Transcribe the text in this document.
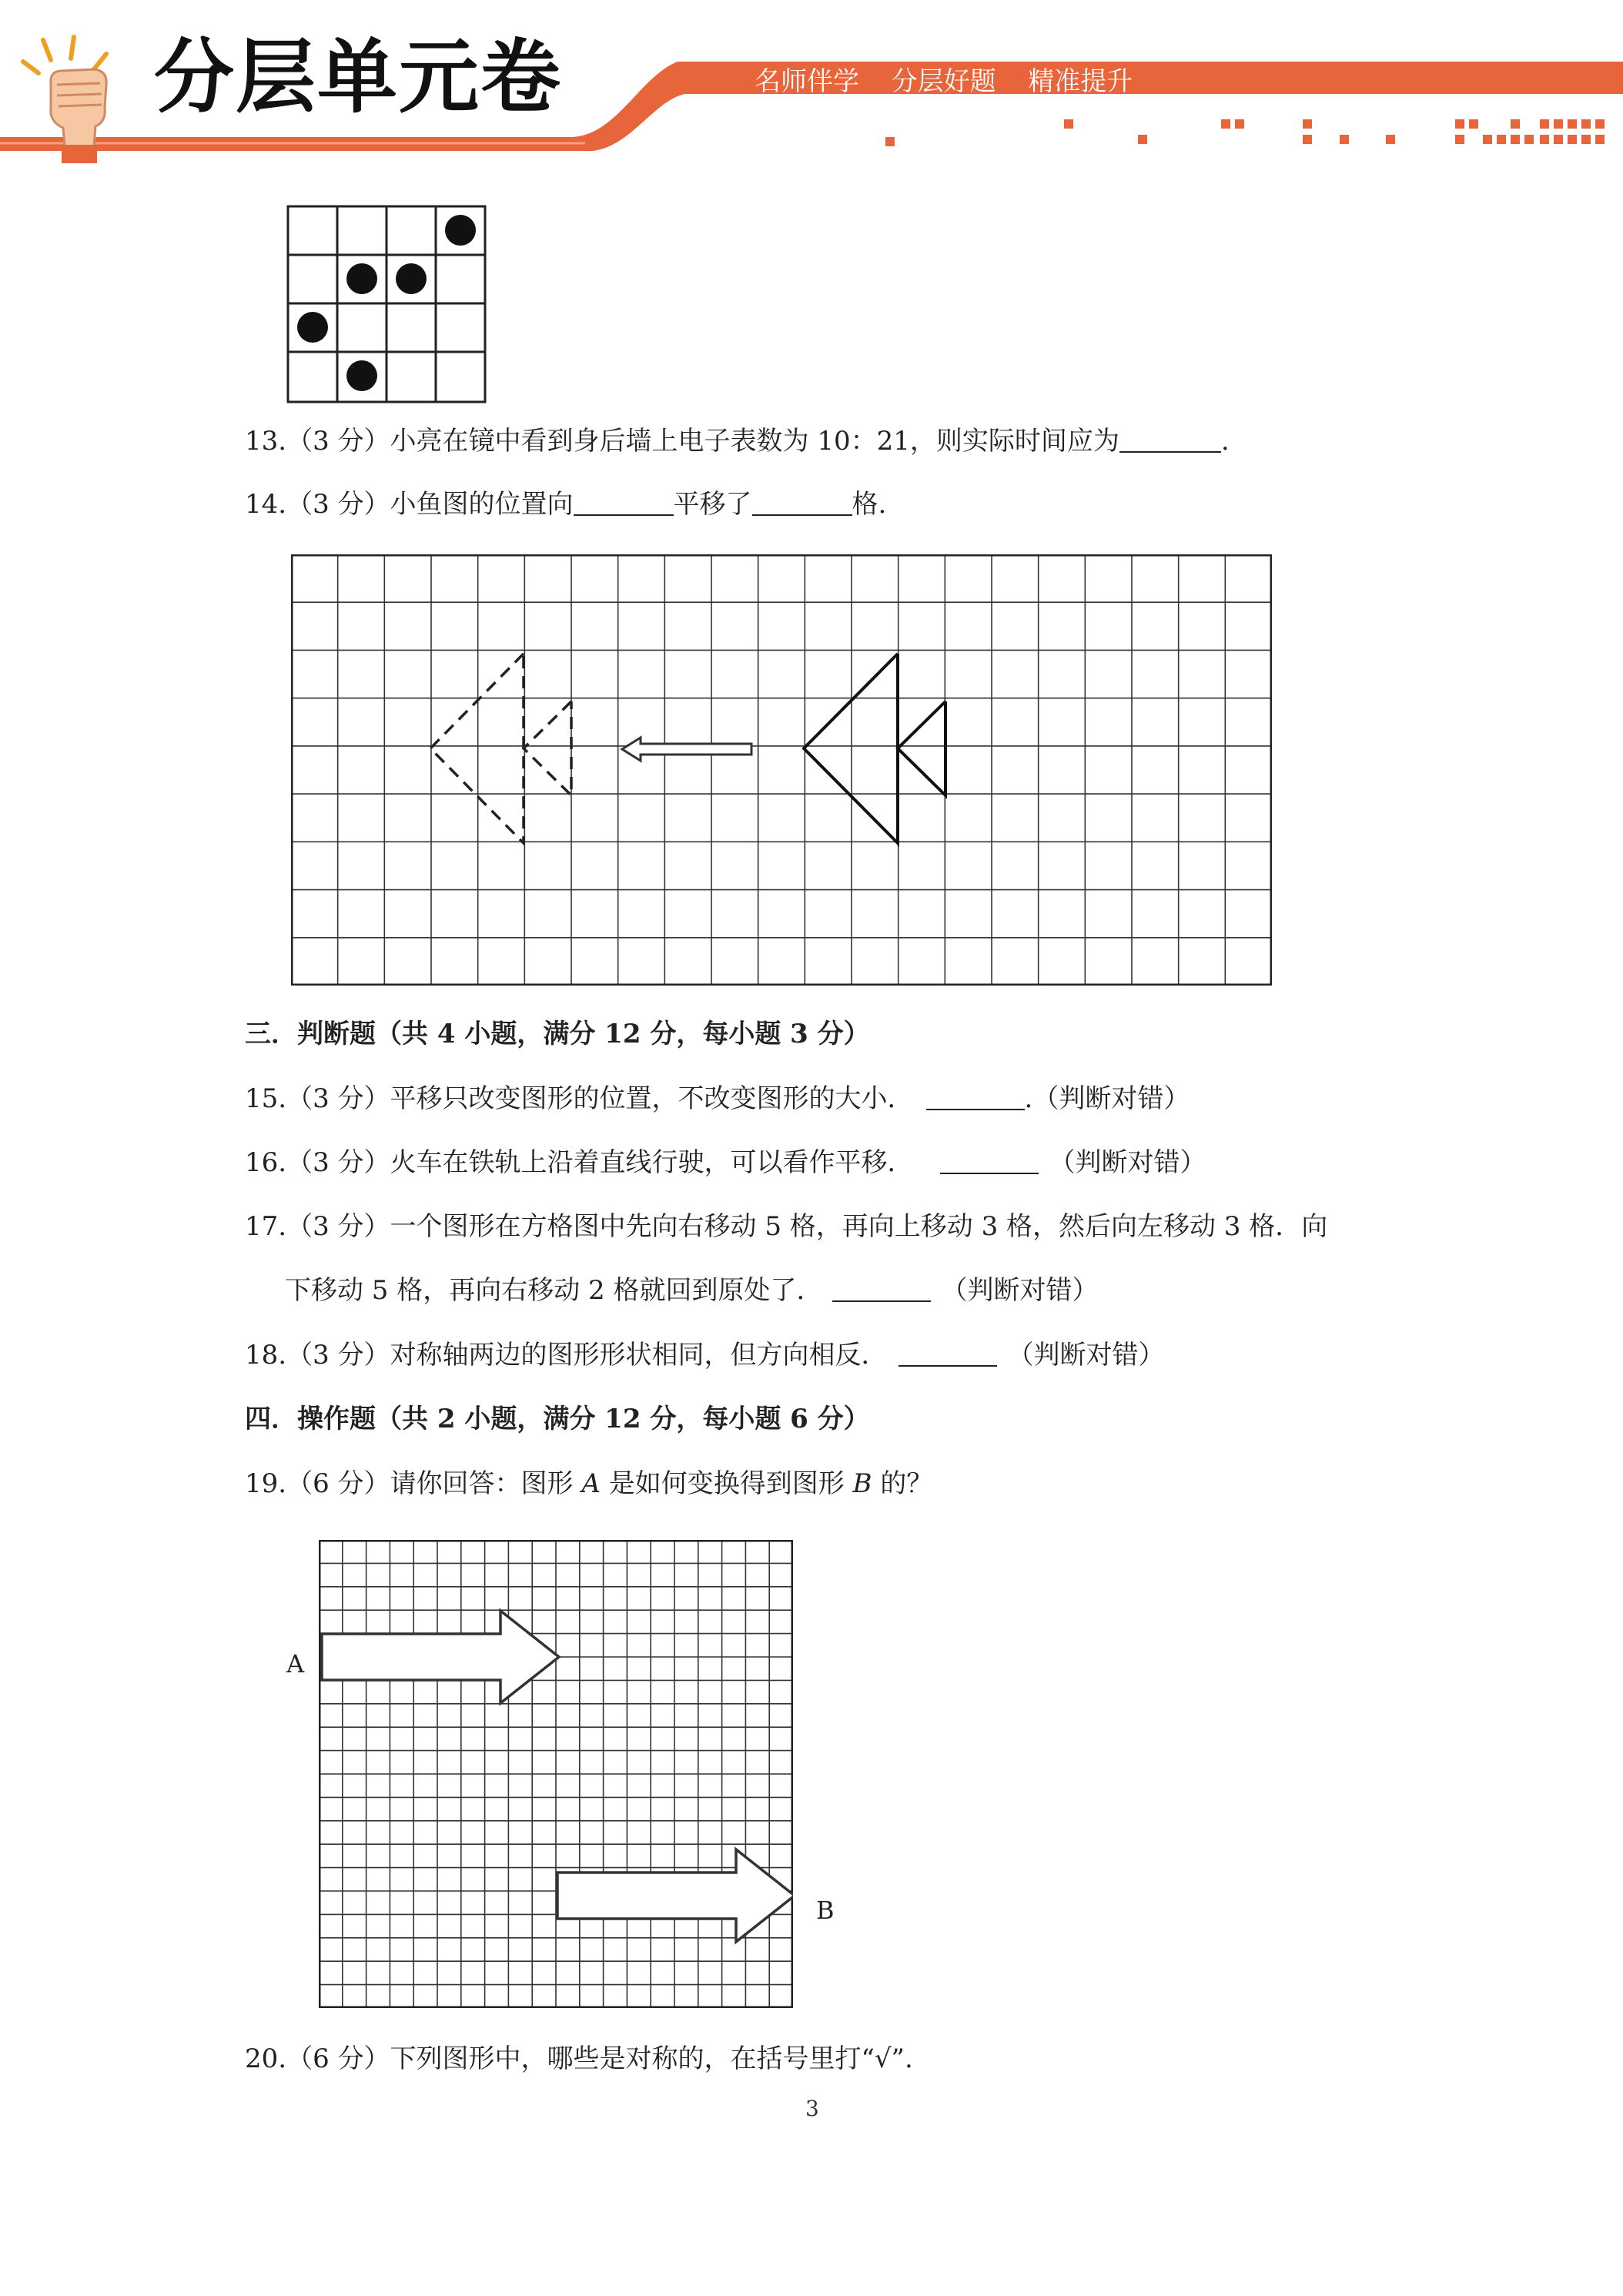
分层单元卷	名师伴学  分层好题  精准提升
13.（3 分）小亮在镜中看到身后墙上电子表数为 10：21，则实际时间应为	.
14.（3 分）小鱼图的位置向	平移了	格.
三．判断题（共 4 小题，满分 12 分，每小题 3 分）
15.（3 分）平移只改变图形的位置，不改变图形的大小．	.（判断对错）
16.（3 分）火车在铁轨上沿着直线行驶，可以看作平移．	（判断对错）
17.（3 分）一个图形在方格图中先向右移动 5 格，再向上移动 3 格，然后向左移动 3 格．向
下移动 5 格，再向右移动 2 格就回到原处了．	（判断对错）
18.（3 分）对称轴两边的图形形状相同，但方向相反．	（判断对错）
四．操作题（共 2 小题，满分 12 分，每小题 6 分）
19.（6 分）请你回答：图形 A 是如何变换得到图形 B 的？
A
B
20.（6 分）下列图形中，哪些是对称的，在括号里打“√”.
3
